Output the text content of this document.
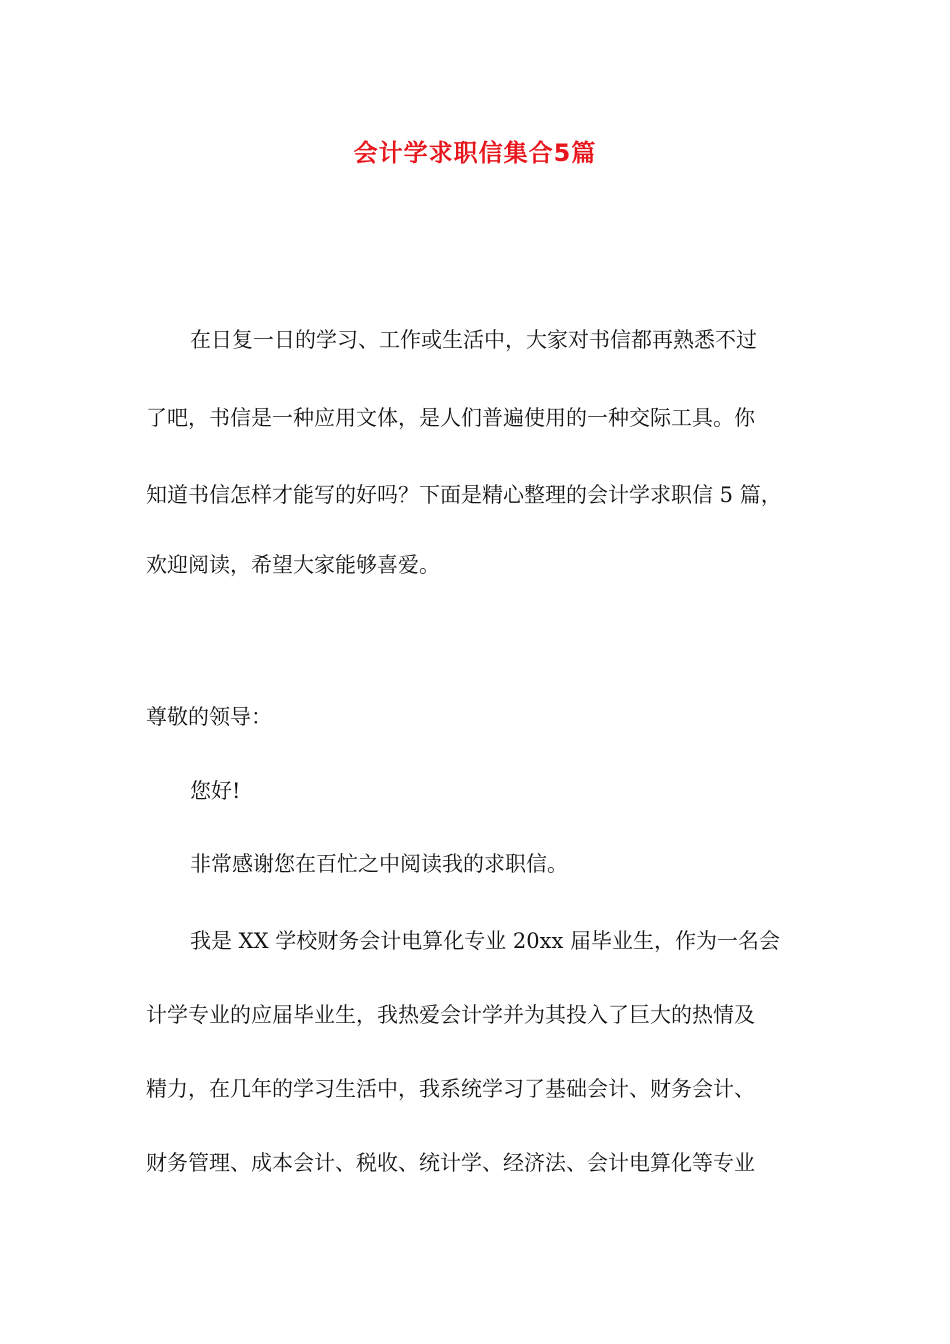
会计学求职信集合5篇
在日复一日的学习、工作或生活中，大家对书信都再熟悉不过
了吧，书信是一种应用文体，是人们普遍使用的一种交际工具。你
知道书信怎样才能写的好吗？下面是精心整理的会计学求职信 5 篇，
欢迎阅读，希望大家能够喜爱。
尊敬的领导：
您好!
非常感谢您在百忙之中阅读我的求职信。
我是 XX 学校财务会计电算化专业 20xx 届毕业生，作为一名会
计学专业的应届毕业生，我热爱会计学并为其投入了巨大的热情及
精力，在几年的学习生活中，我系统学习了基础会计、财务会计、
财务管理、成本会计、税收、统计学、经济法、会计电算化等专业
